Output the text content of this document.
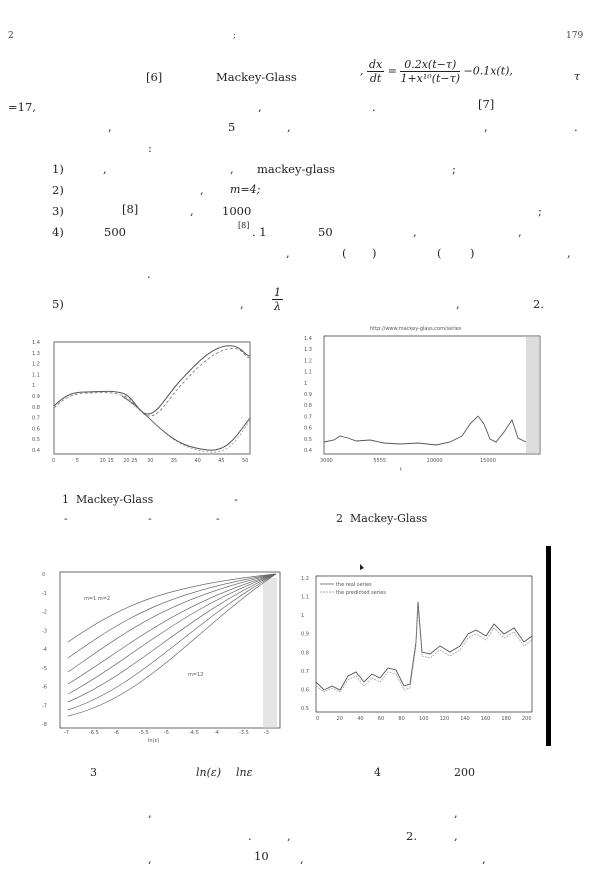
2	;	179
[6]	Mackey-Glass	, $\frac{dx}{dt} = \frac{0.2x(t-\tau)}{\text{1+x¹⁰(t−τ)}} -0.1x(t)$,	τ
=17,	,	.	[7]
,	5	,	,	.
:
1)	,	, mackey-glass	;
2)	, m=4;
3)	[8]	, 1000	;
4)	500	[8] . 1	50	,	,
,	( )	( )	,
.
5)	,	$\frac{1}{\lambda}$	,	2.
1.4
1.3
1.2
1.1
1
0.9
0.8
0.7
0.6
0.5
0.4
0	5	10 15 20 25 30	35	40	45	50
http://www.mackey-glass.com/series
1.4
1.3
1.2
1.1
1
0.9
0.8
0.7
0.6
0.5
0.4
3000	5555	10000	15000
t
1 Mackey-Glass	-
-	-	-	2 Mackey-Glass
0
-1
-2
-3
-4
-5
-6
-7
-8
-7	-6.5	-6	-5.5	-5	-4.5	-4	-3.5	-3
ln(ε)
m=1 m=2
m=12
1.2
1.1
1
0.9
0.8
0.7
0.6
0.5
0	20	40	60	80	100 120 140 160 180 200
the real series
the predicted series
3	ln(ε) lnε	4	200
,	,
.	,	2.	,
,	10	,	,
